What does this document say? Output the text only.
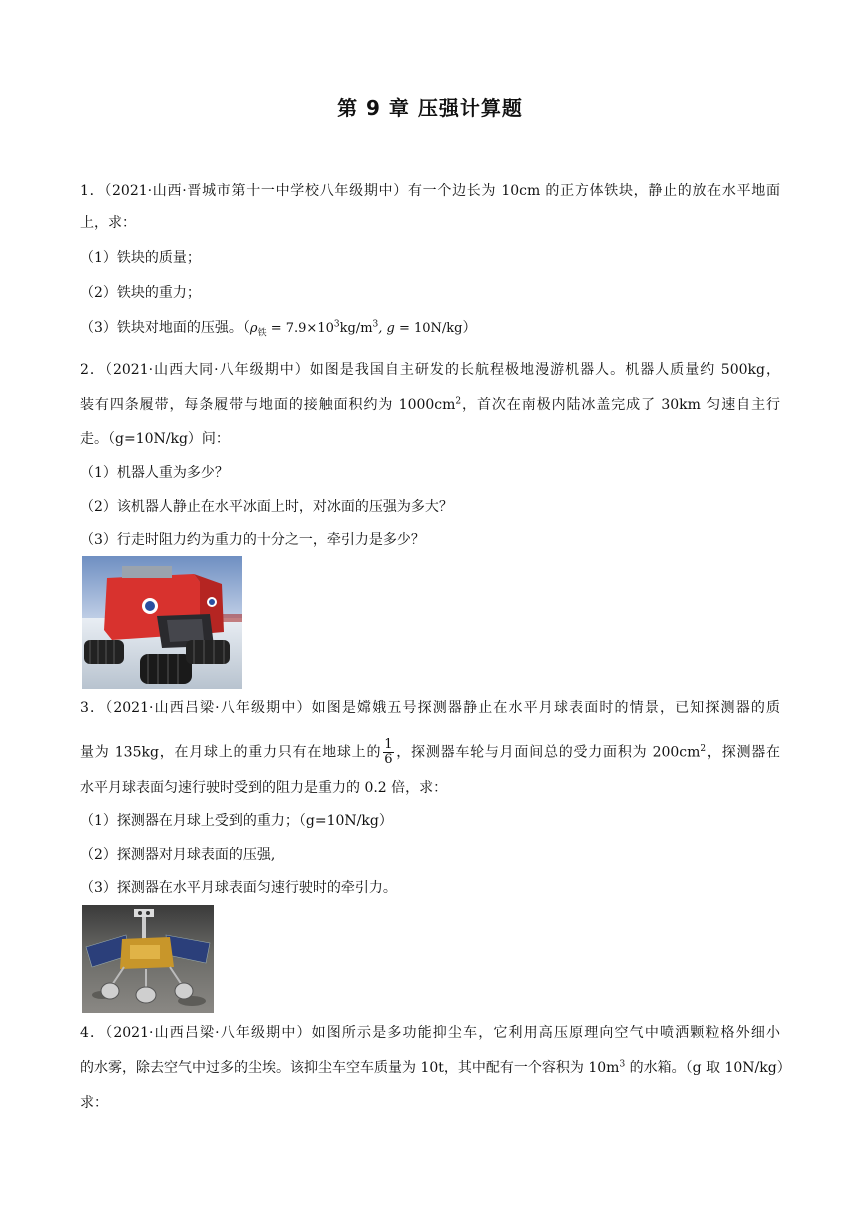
第 9 章 压强计算题
1．（2021·山西·晋城市第十一中学校八年级期中）有一个边长为 10cm 的正方体铁块，静止的放在水平地面
上，求：
（1）铁块的质量；
（2）铁块的重力；
（3）铁块对地面的压强。（$\rho_铁 = 7.9\times 10^3kg/m^3$, g = 10N/kg）
2．（2021·山西大同·八年级期中）如图是我国自主研发的长航程极地漫游机器人。机器人质量约 500kg，
装有四条履带，每条履带与地面的接触面积约为 $1000cm^2$，首次在南极内陆冰盖完成了 30km 匀速自主行
走。（g=10N/kg）问：
（1）机器人重为多少？
（2）该机器人静止在水平冰面上时，对冰面的压强为多大？
（3）行走时阻力约为重力的十分之一，牵引力是多少？
3．（2021·山西吕梁·八年级期中）如图是嫦娥五号探测器静止在水平月球表面时的情景，已知探测器的质
量为 135kg，在月球上的重力只有在地球上的 $\frac{1}{6}$ ，探测器车轮与月面间总的受力面积为 $200cm^2$，探测器在
水平月球表面匀速行驶时受到的阻力是重力的 0.2 倍，求：
（1）探测器在月球上受到的重力；（g=10N/kg）
（2）探测器对月球表面的压强,
（3）探测器在水平月球表面匀速行驶时的牵引力。
4．（2021·山西吕梁·八年级期中）如图所示是多功能抑尘车，它利用高压原理向空气中喷洒颗粒格外细小
的水雾，除去空气中过多的尘埃。该抑尘车空车质量为 10t，其中配有一个容积为 $10m^3$ 的水箱。（g 取 10N/kg）
求：
